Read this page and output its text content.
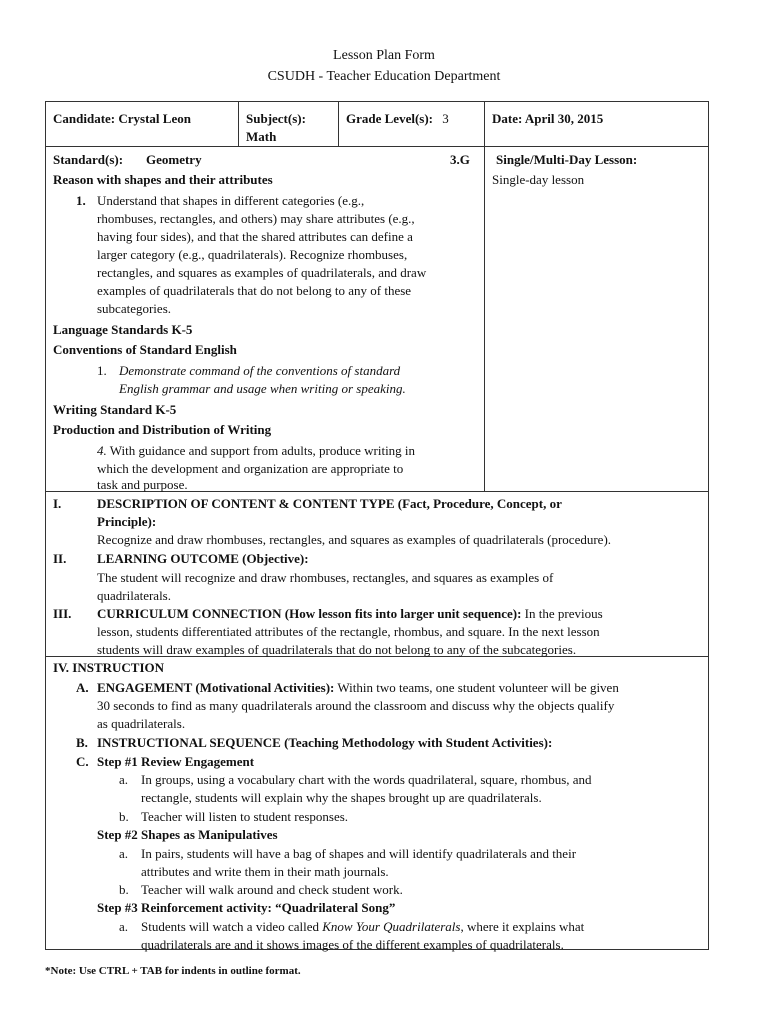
Lesson Plan Form
CSUDH - Teacher Education Department
Candidate: Crystal Leon	Subject(s):
Math
Grade Level(s): 3	Date: April 30, 2015
Standard(s): Geometry	3.G
Reason with shapes and their attributes
1. Understand that shapes in different categories (e.g.,
rhombuses, rectangles, and others) may share attributes (e.g.,
having four sides), and that the shared attributes can define a
larger category (e.g., quadrilaterals). Recognize rhombuses,
rectangles, and squares as examples of quadrilaterals, and draw
examples of quadrilaterals that do not belong to any of these
subcategories.
Language Standards K-5
Conventions of Standard English
1. Demonstrate command of the conventions of standard
English grammar and usage when writing or speaking.
Writing Standard K-5
Production and Distribution of Writing
4. With guidance and support from adults, produce writing in
which the development and organization are appropriate to
task and purpose.
Single/Multi-Day Lesson:
Single-day lesson
I.	DESCRIPTION OF CONTENT & CONTENT TYPE (Fact, Procedure, Concept, or
Principle):
Recognize and draw rhombuses, rectangles, and squares as examples of quadrilaterals (procedure).
II. LEARNING OUTCOME (Objective):
The student will recognize and draw rhombuses, rectangles, and squares as examples of
quadrilaterals.
III. CURRICULUM CONNECTION (How lesson fits into larger unit sequence): In the previous
lesson, students differentiated attributes of the rectangle, rhombus, and square. In the next lesson
students will draw examples of quadrilaterals that do not belong to any of the subcategories.
IV. INSTRUCTION
A. ENGAGEMENT (Motivational Activities): Within two teams, one student volunteer will be given
30 seconds to find as many quadrilaterals around the classroom and discuss why the objects qualify
as quadrilaterals.
B. INSTRUCTIONAL SEQUENCE (Teaching Methodology with Student Activities):
C. Step #1 Review Engagement
a. In groups, using a vocabulary chart with the words quadrilateral, square, rhombus, and
rectangle, students will explain why the shapes brought up are quadrilaterals.
b. Teacher will listen to student responses.
Step #2 Shapes as Manipulatives
a. In pairs, students will have a bag of shapes and will identify quadrilaterals and their
attributes and write them in their math journals.
b. Teacher will walk around and check student work.
Step #3 Reinforcement activity: “Quadrilateral Song”
a. Students will watch a video called Know Your Quadrilaterals, where it explains what
quadrilaterals are and it shows images of the different examples of quadrilaterals.
*Note: Use CTRL + TAB for indents in outline format.
